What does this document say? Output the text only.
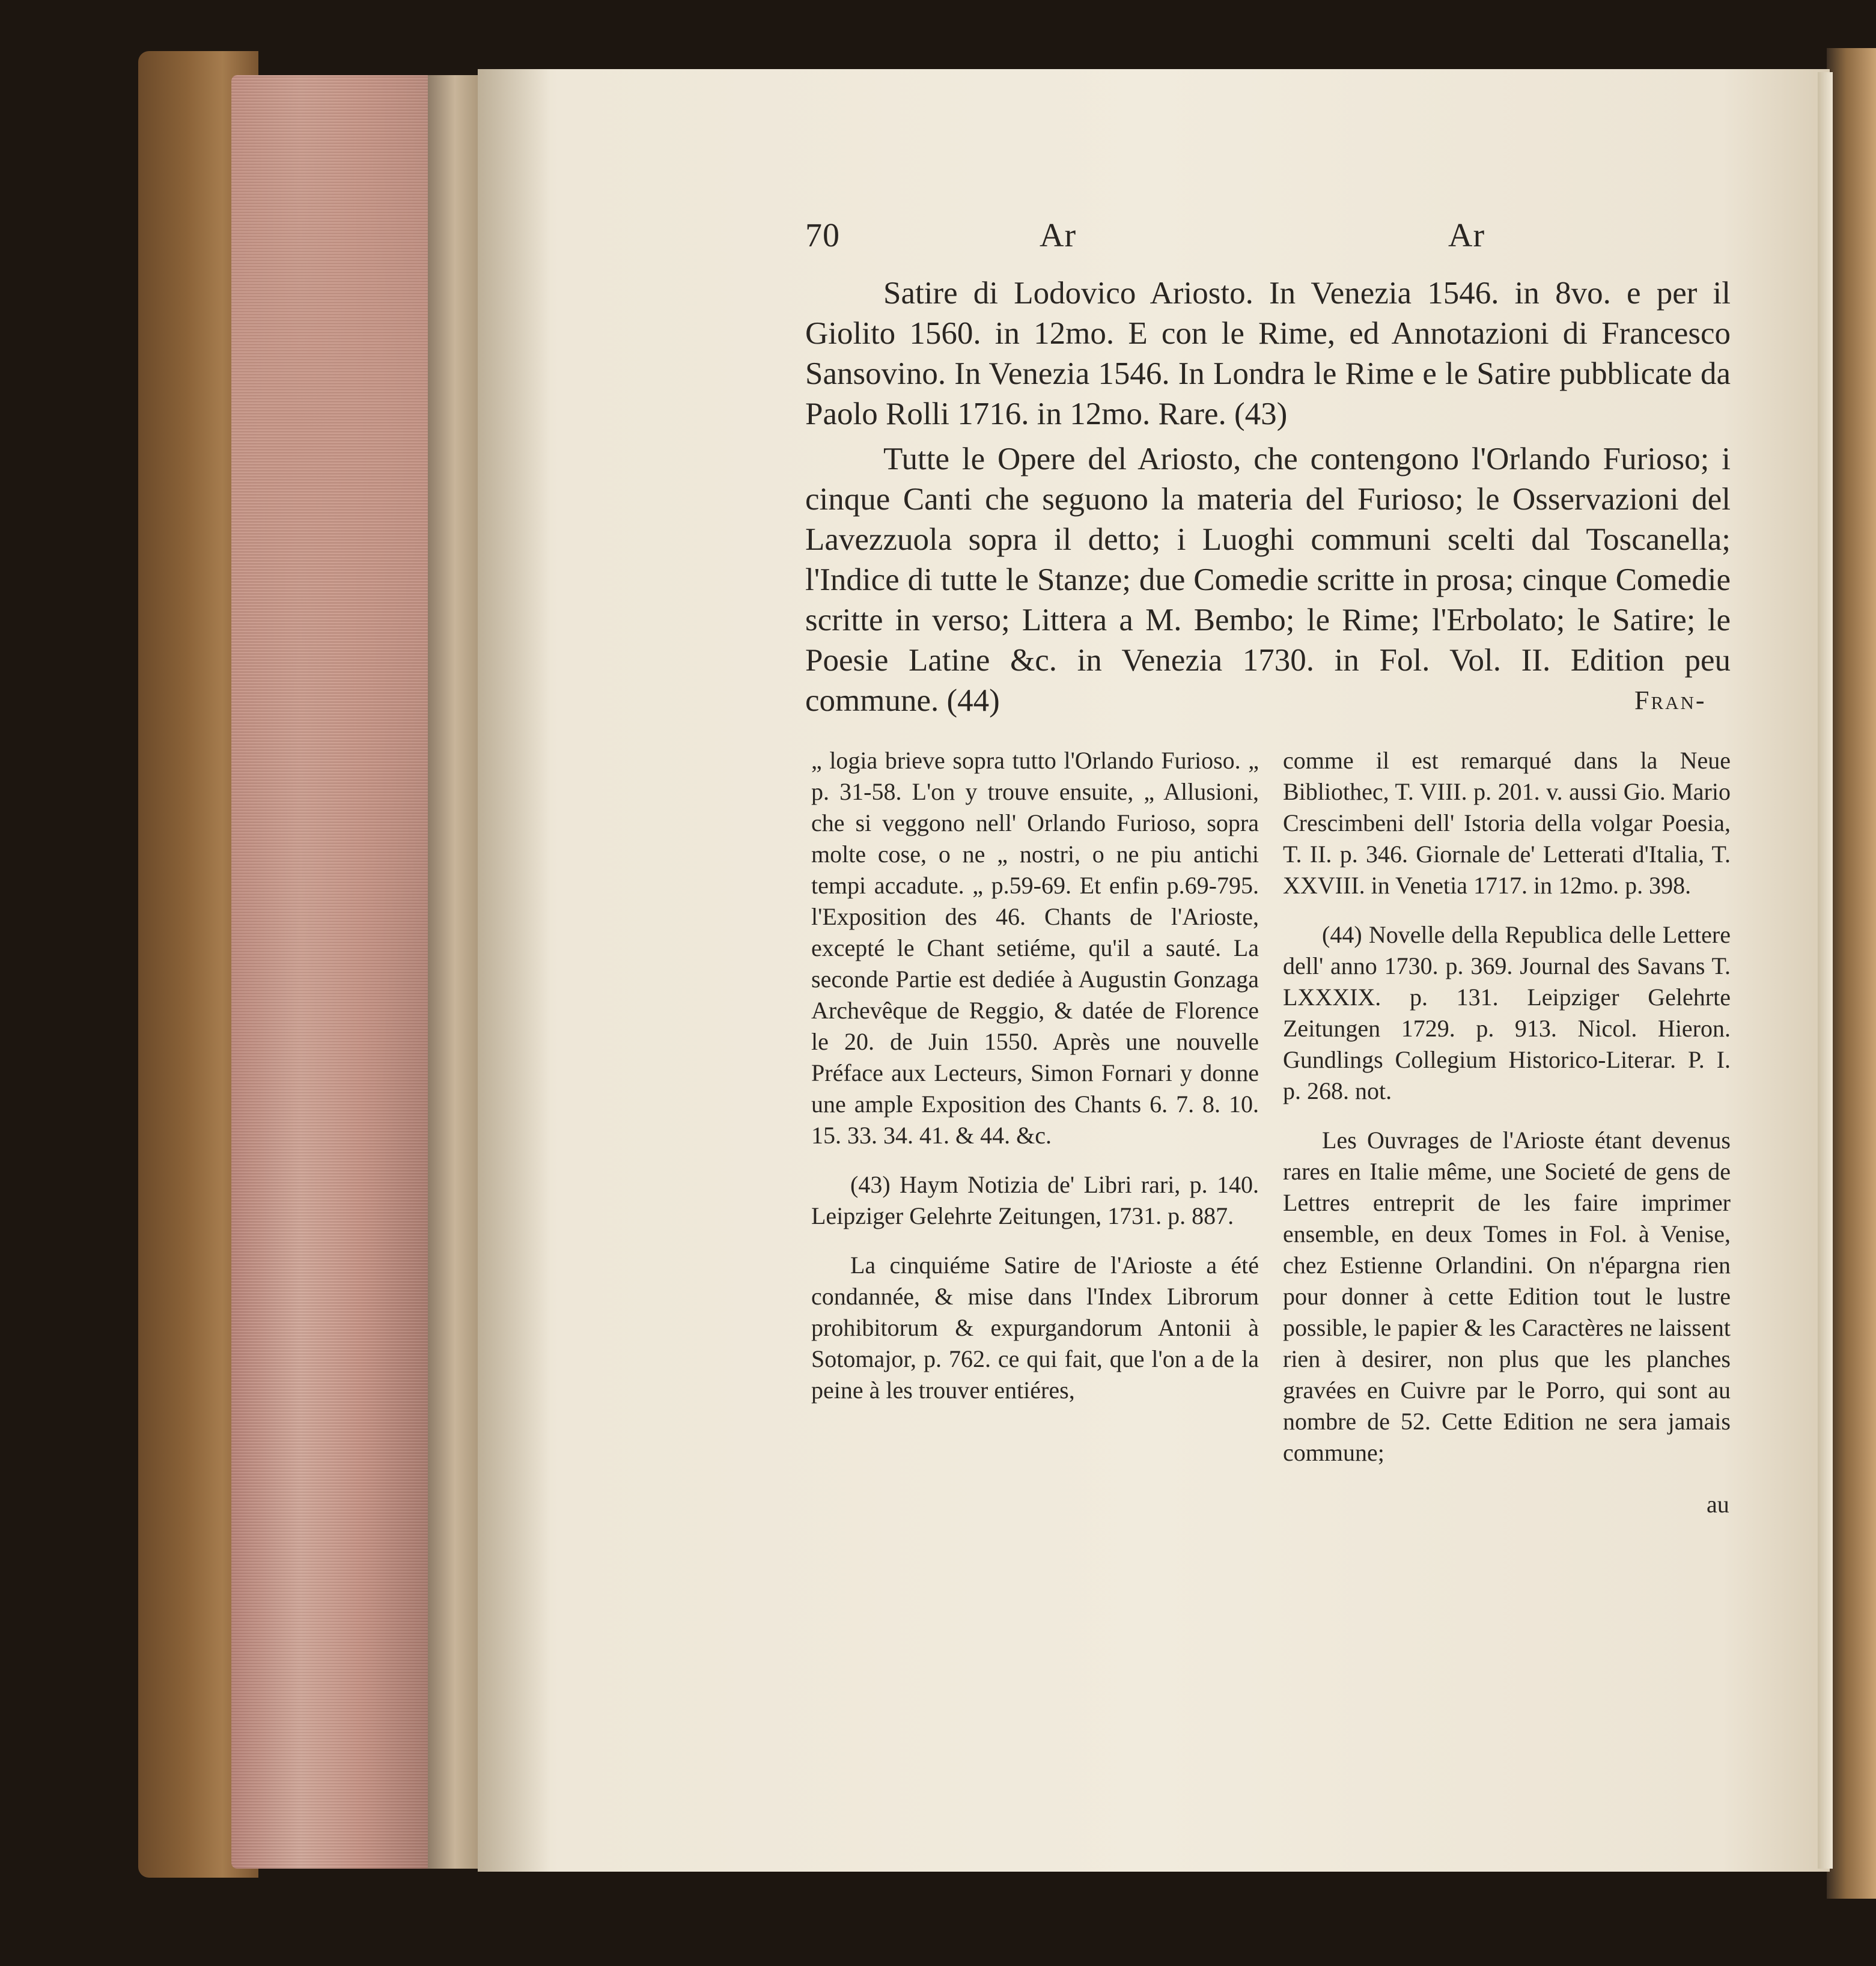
70	Ar	Ar

Satire di Lodovico Ariosto. In Venezia 1546. in 8vo. e per il Giolito 1560. in 12mo. E con le Rime, ed Annotazioni di Francesco Sansovino. In Venezia 1546. In Londra le Rime e le Satire pubblicate da Paolo Rolli 1716. in 12mo. Rare. (43)

Tutte le Opere del Ariosto, che contengono l'Orlando Furioso; i cinque Canti che seguono la materia del Furioso; le Osservazioni del Lavezzuola sopra il detto; i Luoghi communi scelti dal Toscanella; l'Indice di tutte le Stanze; due Comedie scritte in prosa; cinque Comedie scritte in verso; Littera a M. Bembo; le Rime; l'Erbolato; le Satire; le Poesie Latine &c. in Venezia 1730. in Fol. Vol. II. Edition peu commune. (44)	Fran-

„ logia brieve sopra tutto l'Orlando Furioso. „ p. 31-58. L'on y trouve ensuite, „ Allusioni, che si veggono nell' Orlando Furioso, sopra molte cose, o ne „ nostri, o ne piu antichi tempi accadute. „ p.59-69. Et enfin p.69-795. l'Exposition des 46. Chants de l'Arioste, excepté le Chant setiéme, qu'il a sauté. La seconde Partie est dediée à Augustin Gonzaga Archevêque de Reggio, & datée de Florence le 20. de Juin 1550. Après une nouvelle Préface aux Lecteurs, Simon Fornari y donne une ample Exposition des Chants 6. 7. 8. 10. 15. 33. 34. 41. & 44. &c.

(43) Haym Notizia de' Libri rari, p. 140. Leipziger Gelehrte Zeitungen, 1731. p. 887.

La cinquiéme Satire de l'Arioste a été condannée, & mise dans l'Index Librorum prohibitorum & expurgandorum Antonii à Sotomajor, p. 762. ce qui fait, que l'on a de la peine à les trouver entiéres,

comme il est remarqué dans la Neue Bibliothec, T. VIII. p. 201. v. aussi Gio. Mario Crescimbeni dell' Istoria della volgar Poesia, T. II. p. 346. Giornale de' Letterati d'Italia, T. XXVIII. in Venetia 1717. in 12mo. p. 398.

(44) Novelle della Republica delle Lettere dell' anno 1730. p. 369. Journal des Savans T. LXXXIX. p. 131. Leipziger Gelehrte Zeitungen 1729. p. 913. Nicol. Hieron. Gundlings Collegium Historico-Literar. P. I. p. 268. not.

Les Ouvrages de l'Arioste étant devenus rares en Italie même, une Societé de gens de Lettres entreprit de les faire imprimer ensemble, en deux Tomes in Fol. à Venise, chez Estienne Orlandini. On n'épargna rien pour donner à cette Edition tout le lustre possible, le papier & les Caractères ne laissent rien à desirer, non plus que les planches gravées en Cuivre par le Porro, qui sont au nombre de 52. Cette Edition ne sera jamais commune;

au
